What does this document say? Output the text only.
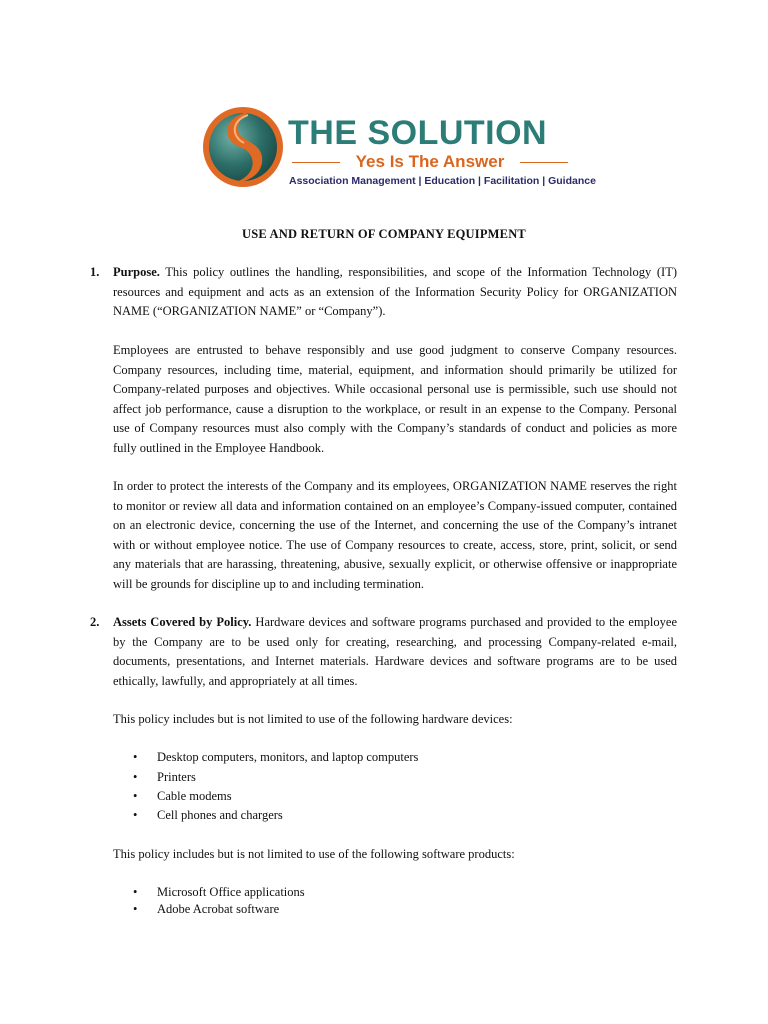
THE SOLUTION
Yes Is The Answer
Association Management | Education | Facilitation | Guidance
USE AND RETURN OF COMPANY EQUIPMENT
1. Purpose. This policy outlines the handling, responsibilities, and scope of the Information Technology (IT) resources and equipment and acts as an extension of the Information Security Policy for ORGANIZATION NAME (“ORGANIZATION NAME” or “Company”).
Employees are entrusted to behave responsibly and use good judgment to conserve Company resources. Company resources, including time, material, equipment, and information should primarily be utilized for Company-related purposes and objectives. While occasional personal use is permissible, such use should not affect job performance, cause a disruption to the workplace, or result in an expense to the Company. Personal use of Company resources must also comply with the Company’s standards of conduct and policies as more fully outlined in the Employee Handbook.
In order to protect the interests of the Company and its employees, ORGANIZATION NAME reserves the right to monitor or review all data and information contained on an employee’s Company-issued computer, contained on an electronic device, concerning the use of the Internet, and concerning the use of the Company’s intranet with or without employee notice. The use of Company resources to create, access, store, print, solicit, or send any materials that are harassing, threatening, abusive, sexually explicit, or otherwise offensive or inappropriate will be grounds for discipline up to and including termination.
2. Assets Covered by Policy. Hardware devices and software programs purchased and provided to the employee by the Company are to be used only for creating, researching, and processing Company-related e-mail, documents, presentations, and Internet materials. Hardware devices and software programs are to be used ethically, lawfully, and appropriately at all times.
This policy includes but is not limited to use of the following hardware devices:
• Desktop computers, monitors, and laptop computers
• Printers
• Cable modems
• Cell phones and chargers
This policy includes but is not limited to use of the following software products:
• Microsoft Office applications
• Adobe Acrobat software
